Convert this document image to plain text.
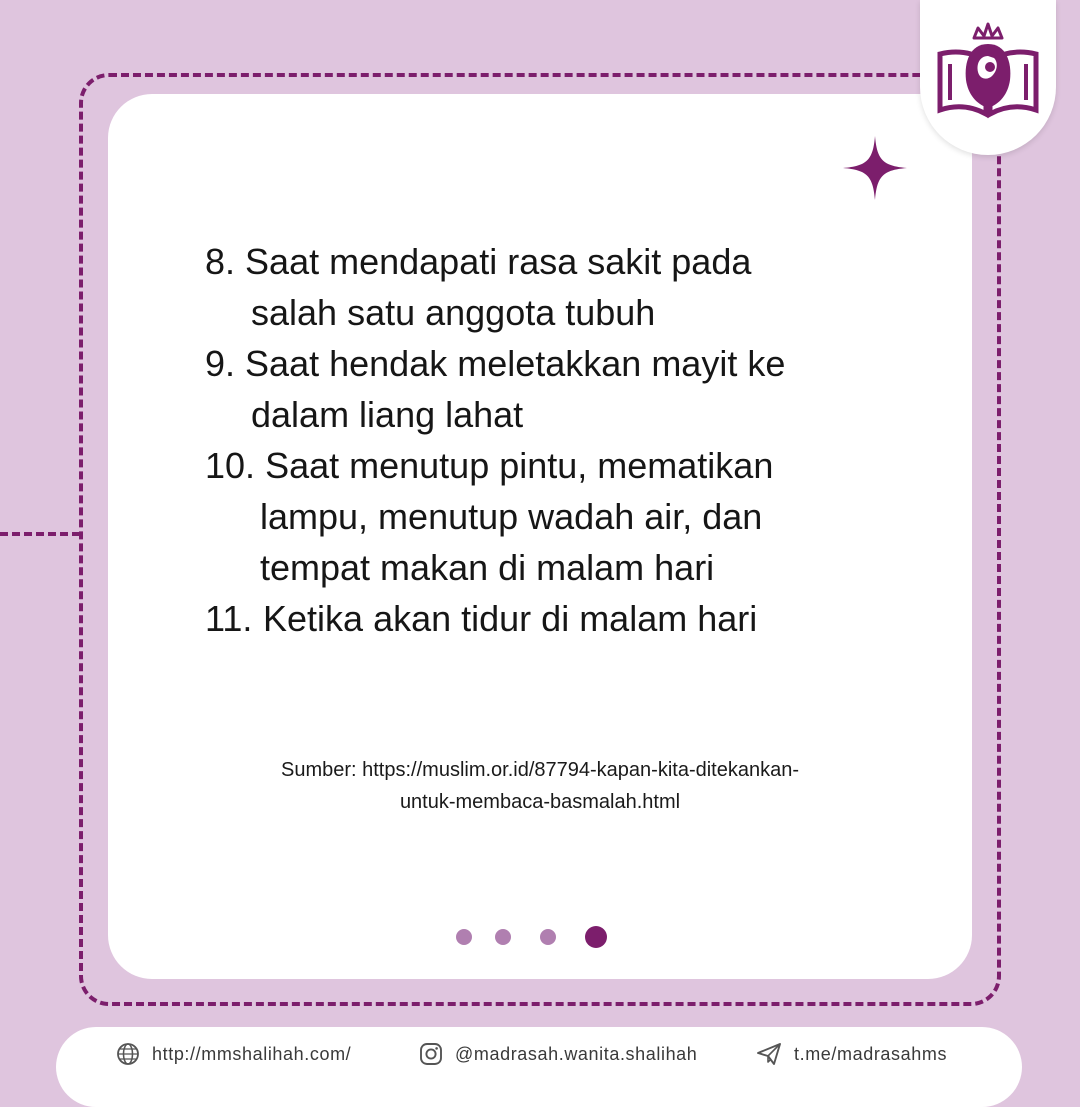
8. Saat mendapati rasa sakit pada
salah satu anggota tubuh
9. Saat hendak meletakkan mayit ke
dalam liang lahat
10. Saat menutup pintu, mematikan
lampu, menutup wadah air, dan
tempat makan di malam hari
11. Ketika akan tidur di malam hari
Sumber: https://muslim.or.id/87794-kapan-kita-ditekankan-
untuk-membaca-basmalah.html
http://mmshalihah.com/	@madrasah.wanita.shalihah	t.me/madrasahms
